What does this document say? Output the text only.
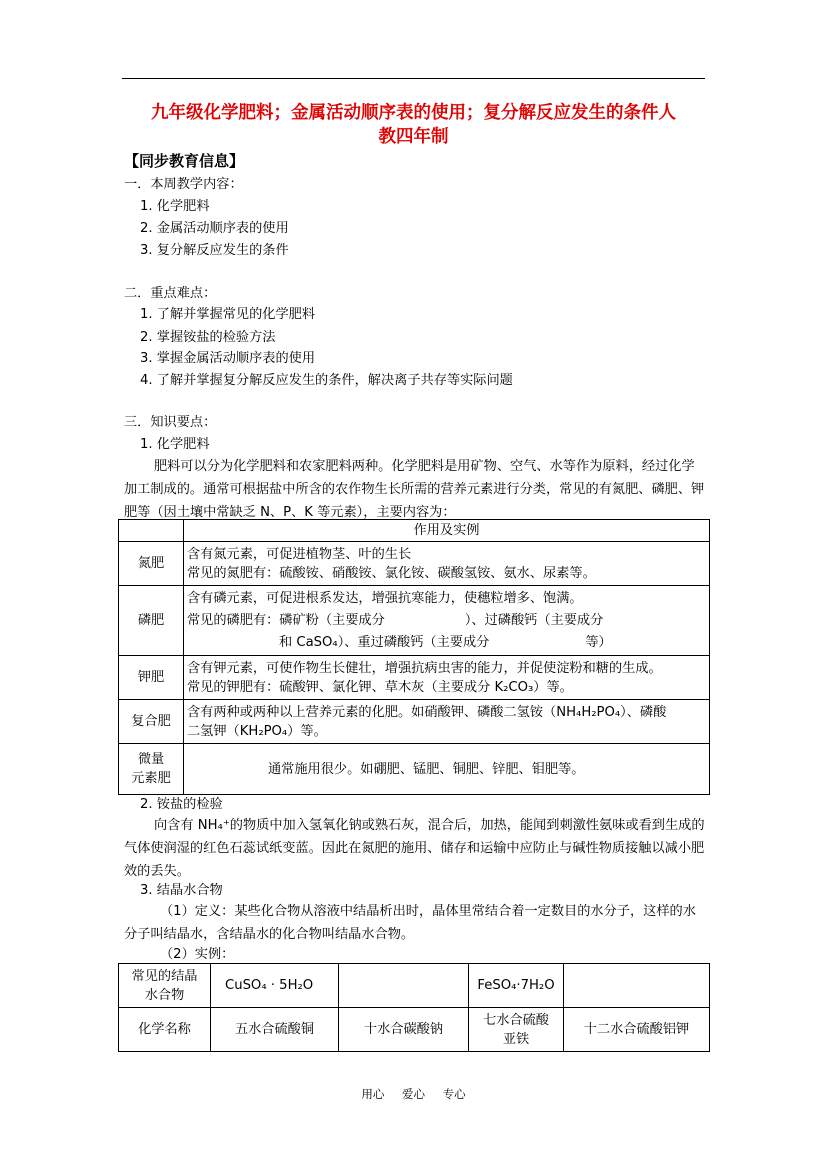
九年级化学肥料；金属活动顺序表的使用；复分解反应发生的条件人
教四年制
【同步教育信息】
一．本周教学内容：
1. 化学肥料
2. 金属活动顺序表的使用
3. 复分解反应发生的条件
二．重点难点：
1. 了解并掌握常见的化学肥料
2. 掌握铵盐的检验方法
3. 掌握金属活动顺序表的使用
4. 了解并掌握复分解反应发生的条件，解决离子共存等实际问题
三．知识要点：
1. 化学肥料
肥料可以分为化学肥料和农家肥料两种。化学肥料是用矿物、空气、水等作为原料，经过化学加工制成的。通常可根据盐中所含的农作物生长所需的营养元素进行分类，常见的有氮肥、磷肥、钾肥等（因土壤中常缺乏 N、P、K 等元素），主要内容为：
	作用及实例
氮肥	含有氮元素，可促进植物茎、叶的生长
常见的氮肥有：硫酸铵、硝酸铵、氯化铵、碳酸氢铵、氨水、尿素等。

磷肥	含有磷元素，可促进根系发达，增强抗寒能力，使穗粒增多、饱满。
常见的磷肥有：磷矿粉（主要成分 ）、过磷酸钙（主要成分
和 CaSO₄）、重过磷酸钙（主要成分 等）

钾肥	含有钾元素，可使作物生长健壮，增强抗病虫害的能力，并促使淀粉和糖的生成。
常见的钾肥有：硫酸钾、氯化钾、草木灰（主要成分 K₂CO₃）等。

复合肥	含有两种或两种以上营养元素的化肥。如硝酸钾、磷酸二氢铵（NH₄H₂PO₄）、磷酸
二氢钾（KH₂PO₄）等。

微量
元素肥	通常施用很少。如硼肥、锰肥、铜肥、锌肥、钼肥等。
2. 铵盐的检验
向含有 NH₄⁺的物质中加入氢氧化钠或熟石灰，混合后，加热，能闻到刺激性氨味或看到生成的气体使润湿的红色石蕊试纸变蓝。因此在氮肥的施用、储存和运输中应防止与碱性物质接触以减小肥效的丢失。
3. 结晶水合物
（1）定义：某些化合物从溶液中结晶析出时，晶体里常结合着一定数目的水分子，这样的水分子叫结晶水，含结晶水的化合物叫结晶水合物。
（2）实例：
常见的结晶
水合物	CuSO₄ · 5H₂O		FeSO₄·7H₂O	
化学名称	五水合硫酸铜	十水合碳酸钠	七水合硫酸
亚铁	十二水合硫酸铝钾
用心 爱心 专心
